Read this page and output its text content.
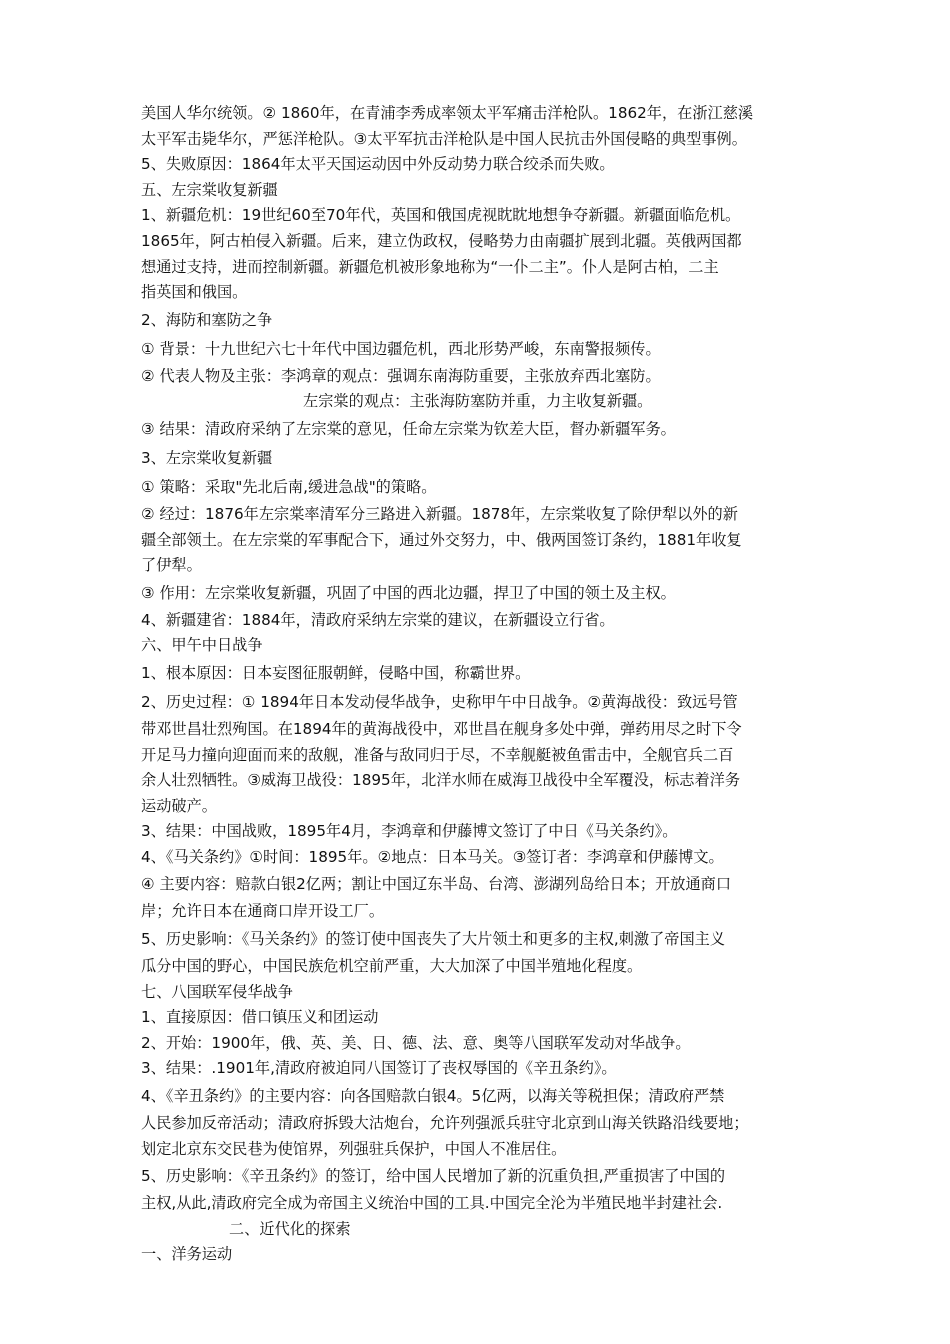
美国人华尔统领。② 1860年，在青浦李秀成率领太平军痛击洋枪队。1862年，在浙江慈溪
太平军击毙华尔，严惩洋枪队。③太平军抗击洋枪队是中国人民抗击外国侵略的典型事例。
5、失败原因：1864年太平天国运动因中外反动势力联合绞杀而失败。
五、左宗棠收复新疆
1、新疆危机：19世纪60至70年代，英国和俄国虎视眈眈地想争夺新疆。新疆面临危机。
1865年，阿古柏侵入新疆。后来，建立伪政权，侵略势力由南疆扩展到北疆。英俄两国都
想通过支持，进而控制新疆。新疆危机被形象地称为“一仆二主”。仆人是阿古柏，二主
指英国和俄国。
2、海防和塞防之争
① 背景：十九世纪六七十年代中国边疆危机，西北形势严峻，东南警报频传。
② 代表人物及主张：李鸿章的观点：强调东南海防重要，主张放弃西北塞防。
左宗棠的观点：主张海防塞防并重，力主收复新疆。
③ 结果：清政府采纳了左宗棠的意见，任命左宗棠为钦差大臣，督办新疆军务。
3、左宗棠收复新疆
① 策略：采取"先北后南,缓进急战"的策略。
② 经过：1876年左宗棠率清军分三路进入新疆。1878年，左宗棠收复了除伊犁以外的新
疆全部领土。在左宗棠的军事配合下，通过外交努力，中、俄两国签订条约，1881年收复
了伊犁。
③ 作用：左宗棠收复新疆，巩固了中国的西北边疆，捍卫了中国的领土及主权。
4、新疆建省：1884年，清政府采纳左宗棠的建议，在新疆设立行省。
六、甲午中日战争
1、根本原因：日本妄图征服朝鲜，侵略中国，称霸世界。
2、历史过程：① 1894年日本发动侵华战争，史称甲午中日战争。②黄海战役：致远号管
带邓世昌壮烈殉国。在1894年的黄海战役中，邓世昌在舰身多处中弹，弹药用尽之时下令
开足马力撞向迎面而来的敌舰，准备与敌同归于尽，不幸舰艇被鱼雷击中，全舰官兵二百
余人壮烈牺牲。③威海卫战役：1895年，北洋水师在威海卫战役中全军覆没，标志着洋务
运动破产。
3、结果：中国战败，1895年4月，李鸿章和伊藤博文签订了中日《马关条约》。
4、《马关条约》①时间：1895年。②地点：日本马关。③签订者：李鸿章和伊藤博文。
④ 主要内容：赔款白银2亿两；割让中国辽东半岛、台湾、澎湖列岛给日本；开放通商口
岸；允许日本在通商口岸开设工厂。
5、历史影响：《马关条约》的签订使中国丧失了大片领土和更多的主权,刺激了帝国主义
瓜分中国的野心，中国民族危机空前严重，大大加深了中国半殖地化程度。
七、八国联军侵华战争
1、直接原因：借口镇压义和团运动
2、开始：1900年，俄、英、美、日、德、法、意、奥等八国联军发动对华战争。
3、结果：.1901年,清政府被迫同八国签订了丧权辱国的《辛丑条约》。
4、《辛丑条约》的主要内容：向各国赔款白银4。5亿两，以海关等税担保；清政府严禁
人民参加反帝活动；清政府拆毁大沽炮台，允许列强派兵驻守北京到山海关铁路沿线要地；
划定北京东交民巷为使馆界，列强驻兵保护，中国人不准居住。
5、历史影响：《辛丑条约》的签订，给中国人民增加了新的沉重负担,严重损害了中国的
主权,从此,清政府完全成为帝国主义统治中国的工具.中国完全沦为半殖民地半封建社会.
二、近代化的探索
一、洋务运动
